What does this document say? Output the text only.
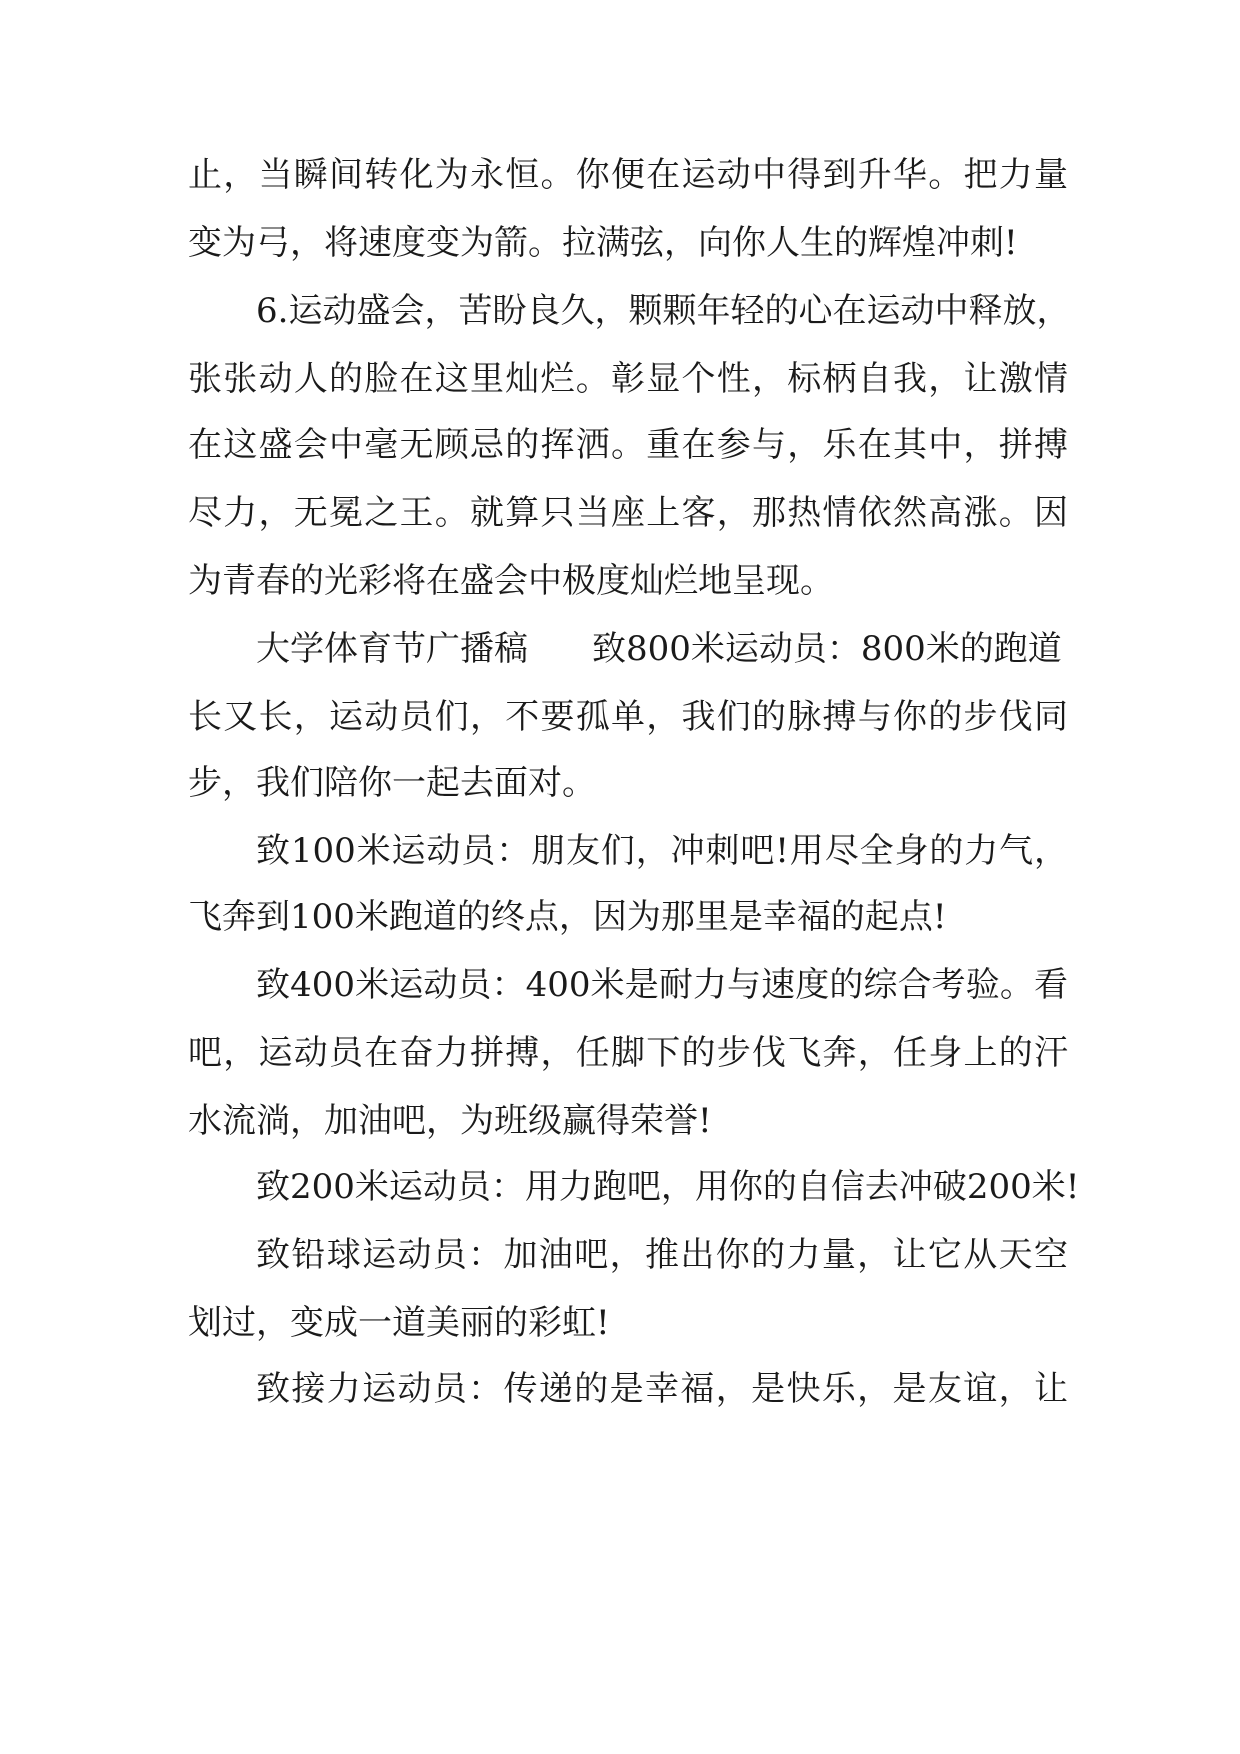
止，当瞬间转化为永恒。你便在运动中得到升华。把力量
变为弓，将速度变为箭。拉满弦，向你人生的辉煌冲刺!
6.运动盛会，苦盼良久，颗颗年轻的心在运动中释放，
张张动人的脸在这里灿烂。彰显个性，标柄自我，让激情
在这盛会中毫无顾忌的挥洒。重在参与，乐在其中，拼搏
尽力，无冕之王。就算只当座上客，那热情依然高涨。因
为青春的光彩将在盛会中极度灿烂地呈现。
大学体育节广播稿 致800米运动员：800米的跑道
长又长，运动员们，不要孤单，我们的脉搏与你的步伐同
步，我们陪你一起去面对。
致100米运动员：朋友们，冲刺吧!用尽全身的力气，
飞奔到100米跑道的终点，因为那里是幸福的起点!
致400米运动员：400米是耐力与速度的综合考验。看
吧，运动员在奋力拼搏，任脚下的步伐飞奔，任身上的汗
水流淌，加油吧，为班级赢得荣誉!
致200米运动员：用力跑吧，用你的自信去冲破200米!
致铅球运动员：加油吧，推出你的力量，让它从天空
划过，变成一道美丽的彩虹!
致接力运动员：传递的是幸福，是快乐，是友谊，让
